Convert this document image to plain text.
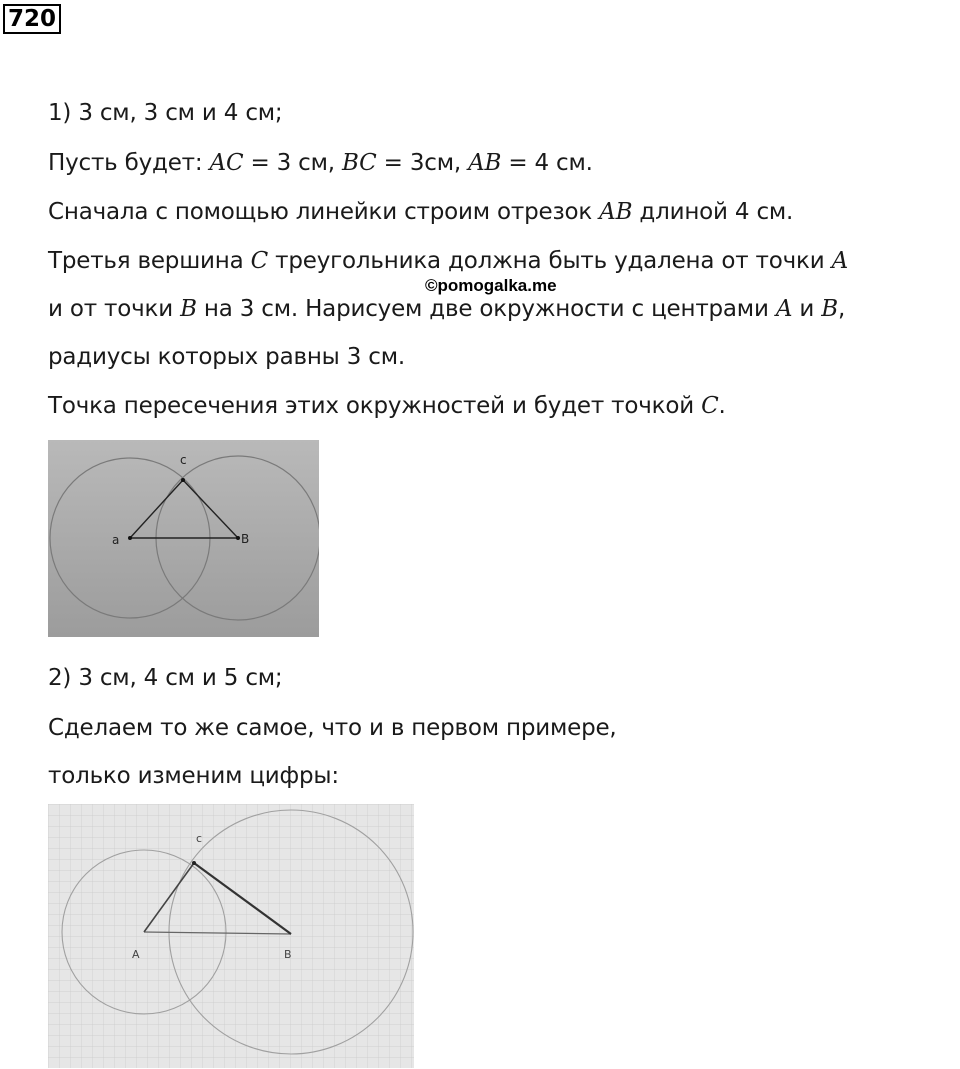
720
1) 3 см, 3 см и 4 см;
Пусть будет: AC = 3 см, BC = 3см, AB = 4 см.
Сначала с помощью линейки строим отрезок AB длиной 4 см.
Третья вершина C треугольника должна быть удалена от точки A
©pomogalka.me
и от точки B на 3 см. Нарисуем две окружности с центрами A и B,
радиусы которых равны 3 см.
Точка пересечения этих окружностей и будет точкой C.
c
a	B
2) 3 см, 4 см и 5 см;
Сделаем то же самое, что и в первом примере,
только изменим цифры:
c
A	B
